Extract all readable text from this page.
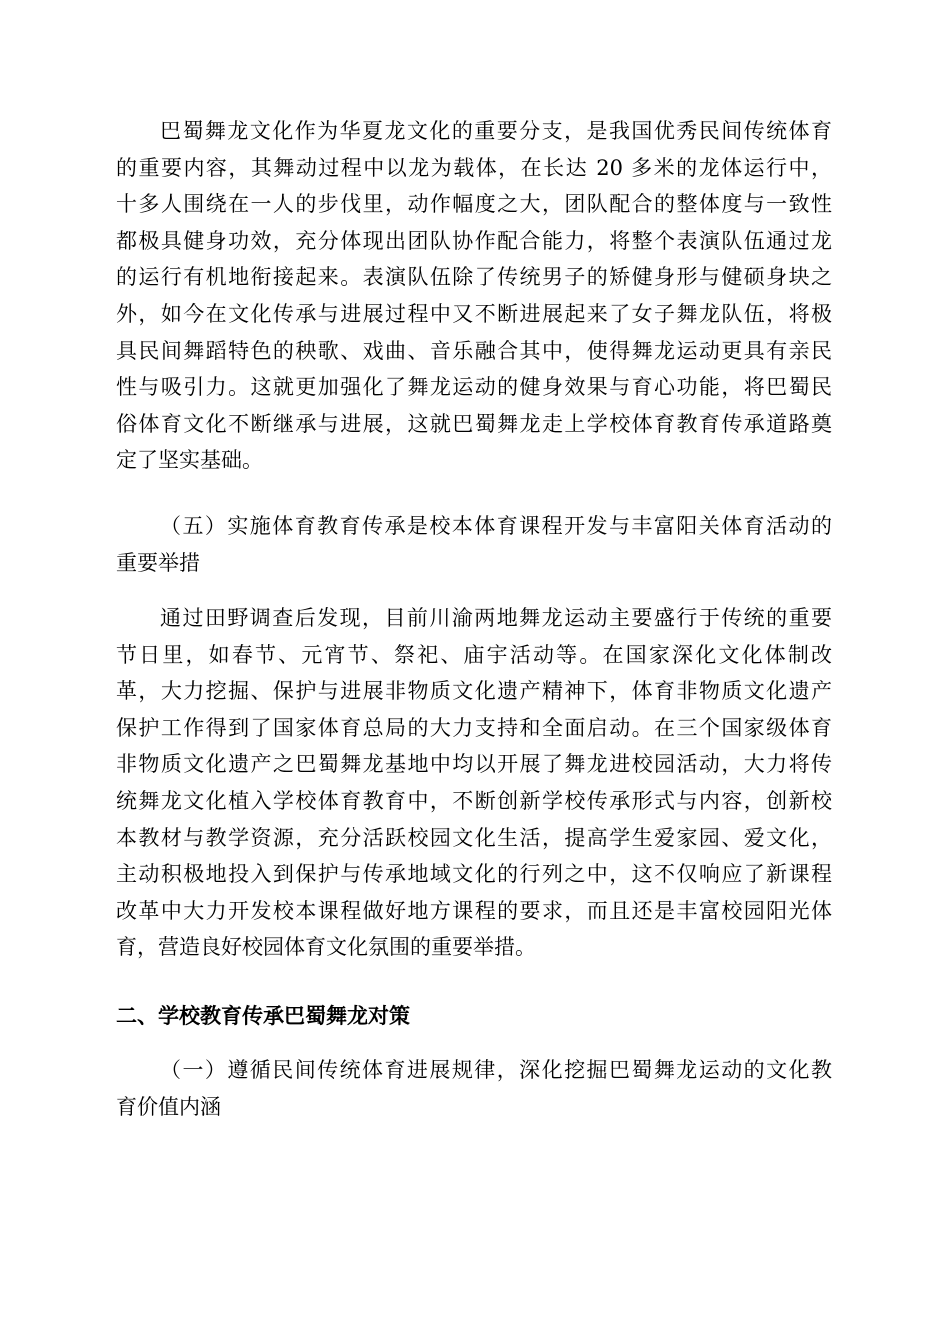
巴蜀舞龙文化作为华夏龙文化的重要分支，是我国优秀民间传统体育
的重要内容，其舞动过程中以龙为载体，在长达 20 多米的龙体运行中，
十多人围绕在一人的步伐里，动作幅度之大，团队配合的整体度与一致性
都极具健身功效，充分体现出团队协作配合能力，将整个表演队伍通过龙
的运行有机地衔接起来。表演队伍除了传统男子的矫健身形与健硕身块之
外，如今在文化传承与进展过程中又不断进展起来了女子舞龙队伍，将极
具民间舞蹈特色的秧歌、戏曲、音乐融合其中，使得舞龙运动更具有亲民
性与吸引力。这就更加强化了舞龙运动的健身效果与育心功能，将巴蜀民
俗体育文化不断继承与进展，这就巴蜀舞龙走上学校体育教育传承道路奠
定了坚实基础。
（五）实施体育教育传承是校本体育课程开发与丰富阳关体育活动的
重要举措
通过田野调查后发现，目前川渝两地舞龙运动主要盛行于传统的重要
节日里，如春节、元宵节、祭祀、庙宇活动等。在国家深化文化体制改
革，大力挖掘、保护与进展非物质文化遗产精神下，体育非物质文化遗产
保护工作得到了国家体育总局的大力支持和全面启动。在三个国家级体育
非物质文化遗产之巴蜀舞龙基地中均以开展了舞龙进校园活动，大力将传
统舞龙文化植入学校体育教育中，不断创新学校传承形式与内容，创新校
本教材与教学资源，充分活跃校园文化生活，提高学生爱家园、爱文化，
主动积极地投入到保护与传承地域文化的行列之中，这不仅响应了新课程
改革中大力开发校本课程做好地方课程的要求，而且还是丰富校园阳光体
育，营造良好校园体育文化氛围的重要举措。
二、学校教育传承巴蜀舞龙对策
（一）遵循民间传统体育进展规律，深化挖掘巴蜀舞龙运动的文化教
育价值内涵
